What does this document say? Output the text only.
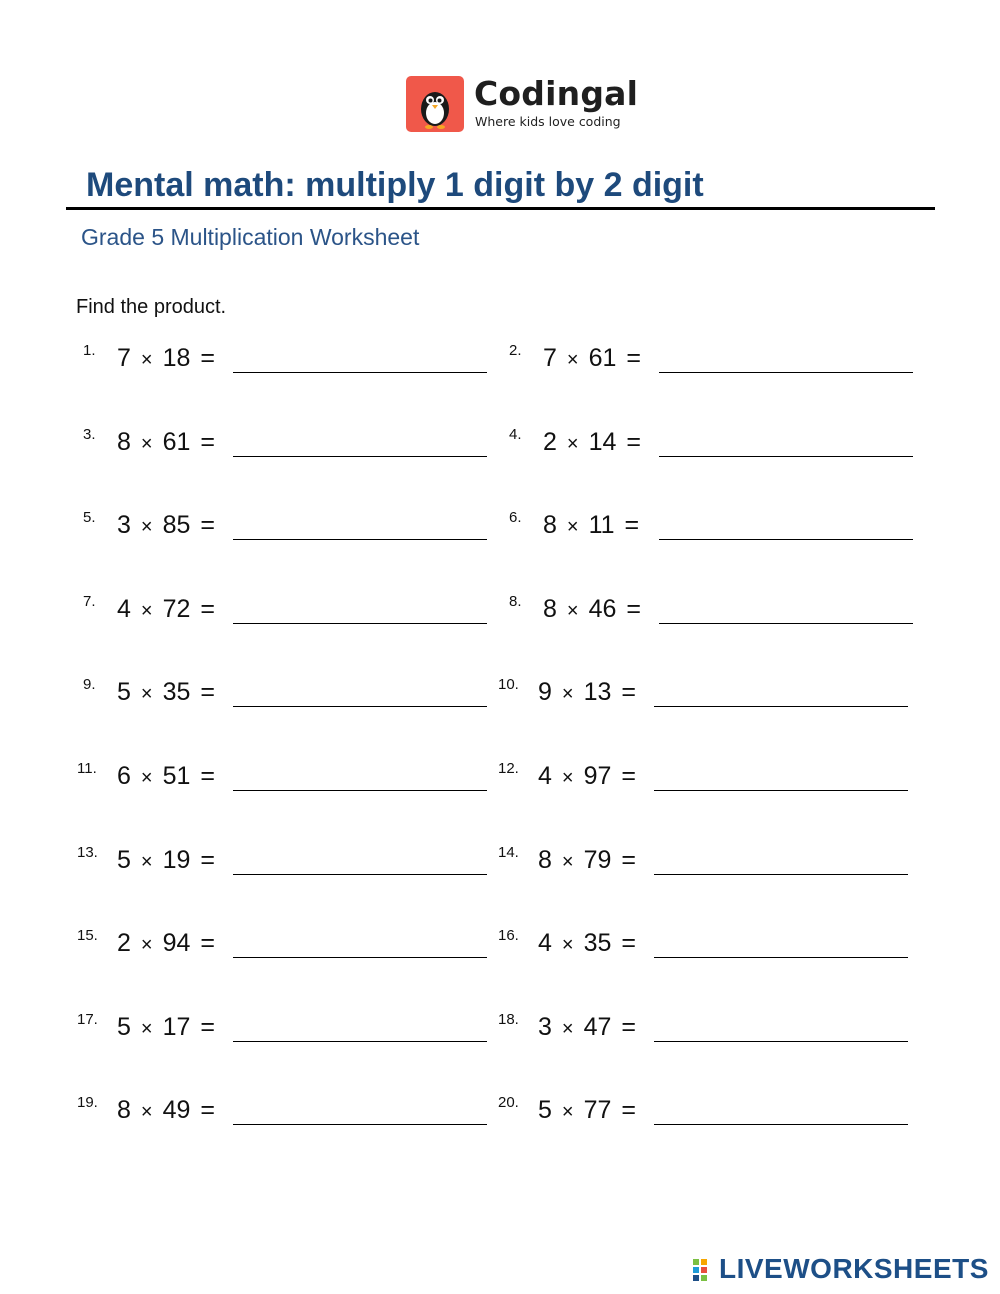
Codingal
Where kids love coding
Mental math: multiply 1 digit by 2 digit
Grade 5 Multiplication Worksheet
Find the product.
1. 7 × 18 =	2. 7 × 61 =
3. 8 × 61 =	4. 2 × 14 =
5. 3 × 85 =	6. 8 × 11 =
7. 4 × 72 =	8. 8 × 46 =
9. 5 × 35 =	10. 9 × 13 =
11. 6 × 51 =	12. 4 × 97 =
13. 5 × 19 =	14. 8 × 79 =
15. 2 × 94 =	16. 4 × 35 =
17. 5 × 17 =	18. 3 × 47 =
19. 8 × 49 =	20. 5 × 77 =
LIVEWORKSHEETS
